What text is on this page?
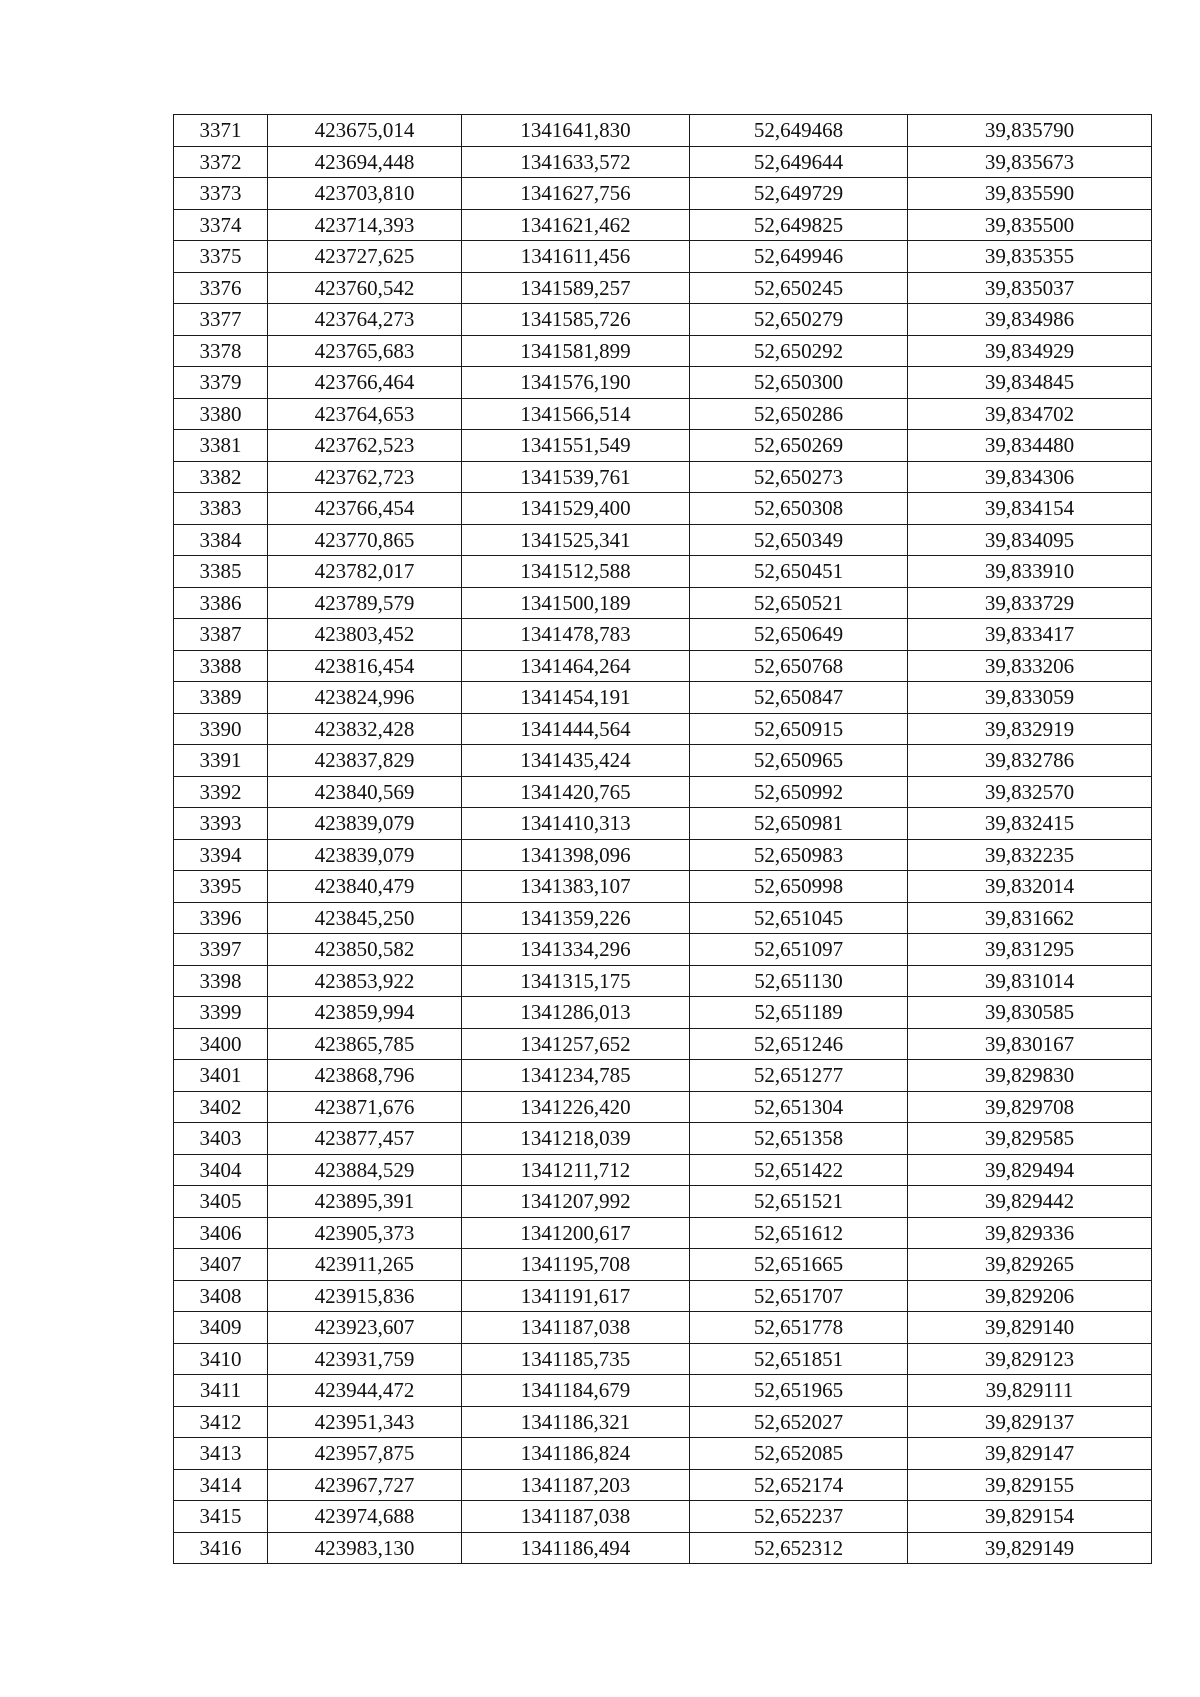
3371	423675,014	1341641,830	52,649468	39,835790
3372	423694,448	1341633,572	52,649644	39,835673
3373	423703,810	1341627,756	52,649729	39,835590
3374	423714,393	1341621,462	52,649825	39,835500
3375	423727,625	1341611,456	52,649946	39,835355
3376	423760,542	1341589,257	52,650245	39,835037
3377	423764,273	1341585,726	52,650279	39,834986
3378	423765,683	1341581,899	52,650292	39,834929
3379	423766,464	1341576,190	52,650300	39,834845
3380	423764,653	1341566,514	52,650286	39,834702
3381	423762,523	1341551,549	52,650269	39,834480
3382	423762,723	1341539,761	52,650273	39,834306
3383	423766,454	1341529,400	52,650308	39,834154
3384	423770,865	1341525,341	52,650349	39,834095
3385	423782,017	1341512,588	52,650451	39,833910
3386	423789,579	1341500,189	52,650521	39,833729
3387	423803,452	1341478,783	52,650649	39,833417
3388	423816,454	1341464,264	52,650768	39,833206
3389	423824,996	1341454,191	52,650847	39,833059
3390	423832,428	1341444,564	52,650915	39,832919
3391	423837,829	1341435,424	52,650965	39,832786
3392	423840,569	1341420,765	52,650992	39,832570
3393	423839,079	1341410,313	52,650981	39,832415
3394	423839,079	1341398,096	52,650983	39,832235
3395	423840,479	1341383,107	52,650998	39,832014
3396	423845,250	1341359,226	52,651045	39,831662
3397	423850,582	1341334,296	52,651097	39,831295
3398	423853,922	1341315,175	52,651130	39,831014
3399	423859,994	1341286,013	52,651189	39,830585
3400	423865,785	1341257,652	52,651246	39,830167
3401	423868,796	1341234,785	52,651277	39,829830
3402	423871,676	1341226,420	52,651304	39,829708
3403	423877,457	1341218,039	52,651358	39,829585
3404	423884,529	1341211,712	52,651422	39,829494
3405	423895,391	1341207,992	52,651521	39,829442
3406	423905,373	1341200,617	52,651612	39,829336
3407	423911,265	1341195,708	52,651665	39,829265
3408	423915,836	1341191,617	52,651707	39,829206
3409	423923,607	1341187,038	52,651778	39,829140
3410	423931,759	1341185,735	52,651851	39,829123
3411	423944,472	1341184,679	52,651965	39,829111
3412	423951,343	1341186,321	52,652027	39,829137
3413	423957,875	1341186,824	52,652085	39,829147
3414	423967,727	1341187,203	52,652174	39,829155
3415	423974,688	1341187,038	52,652237	39,829154
3416	423983,130	1341186,494	52,652312	39,829149
